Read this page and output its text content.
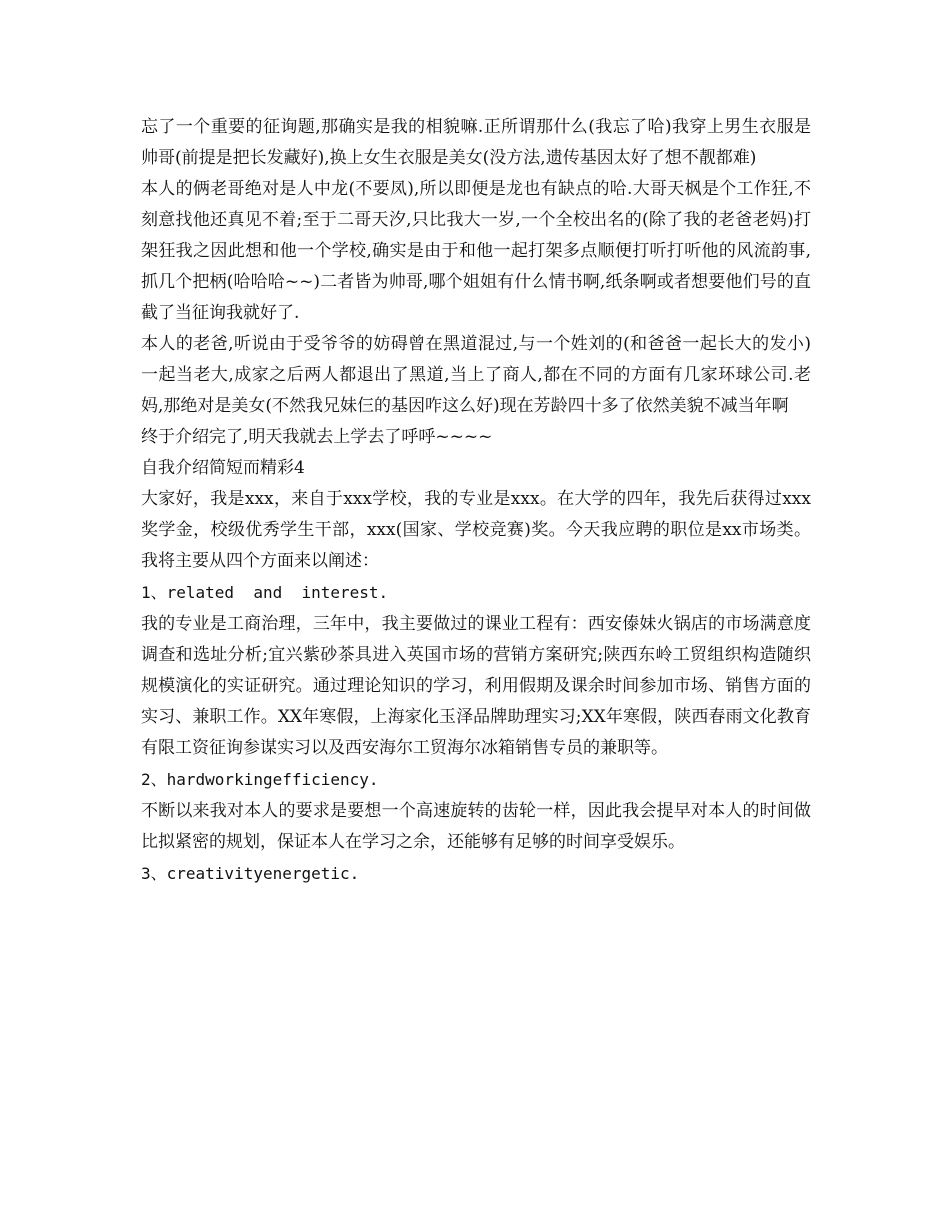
忘了一个重要的征询题,那确实是我的相貌嘛.正所谓那什么(我忘了哈)我穿上男生衣服是帅哥(前提是把长发藏好),换上女生衣服是美女(没方法,遗传基因太好了想不靓都难)

本人的俩老哥绝对是人中龙(不要凤),所以即便是龙也有缺点的哈.大哥天枫是个工作狂,不刻意找他还真见不着;至于二哥天汐,只比我大一岁,一个全校出名的(除了我的老爸老妈)打架狂我之因此想和他一个学校,确实是由于和他一起打架多点顺便打听打听他的风流韵事,抓几个把柄(哈哈哈~~)二者皆为帅哥,哪个姐姐有什么情书啊,纸条啊或者想要他们号的直截了当征询我就好了.

本人的老爸,听说由于受爷爷的妨碍曾在黑道混过,与一个姓刘的(和爸爸一起长大的发小)一起当老大,成家之后两人都退出了黑道,当上了商人,都在不同的方面有几家环球公司.老妈,那绝对是美女(不然我兄妹仨的基因咋这么好)现在芳龄四十多了依然美貌不减当年啊

终于介绍完了,明天我就去上学去了呼呼~~~~

自我介绍简短而精彩4

大家好，我是xxx，来自于xxx学校，我的专业是xxx。在大学的四年，我先后获得过xxx奖学金，校级优秀学生干部，xxx(国家、学校竞赛)奖。今天我应聘的职位是xx市场类。我将主要从四个方面来以阐述：

1、related  and  interest.

我的专业是工商治理，三年中，我主要做过的课业工程有：西安傣妹火锅店的市场满意度调查和选址分析;宜兴紫砂茶具进入英国市场的营销方案研究;陕西东岭工贸组织构造随织规模演化的实证研究。通过理论知识的学习，利用假期及课余时间参加市场、销售方面的实习、兼职工作。XX年寒假，上海家化玉泽品牌助理实习;XX年寒假，陕西春雨文化教育有限工资征询参谋实习以及西安海尔工贸海尔冰箱销售专员的兼职等。

2、hardworkingefficiency.

不断以来我对本人的要求是要想一个高速旋转的齿轮一样，因此我会提早对本人的时间做比拟紧密的规划，保证本人在学习之余，还能够有足够的时间享受娱乐。

3、creativityenergetic.
